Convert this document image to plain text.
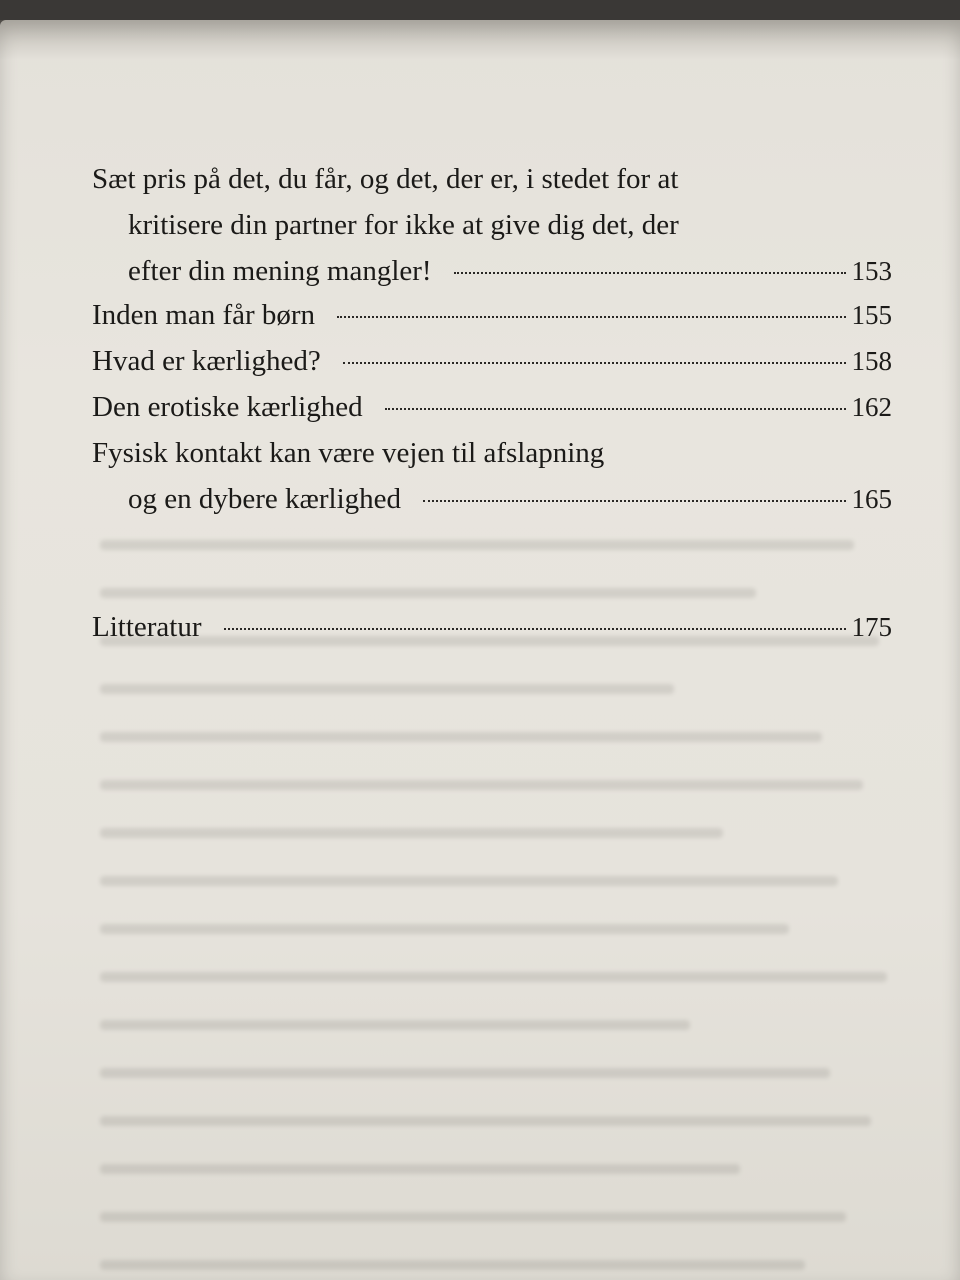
Sæt pris på det, du får, og det, der er, i stedet for at
kritisere din partner for ikke at give dig det, der
efter din mening mangler!	153
Inden man får børn	155
Hvad er kærlighed?	158
Den erotiske kærlighed	162
Fysisk kontakt kan være vejen til afslapning
og en dybere kærlighed	165
Litteratur	175
